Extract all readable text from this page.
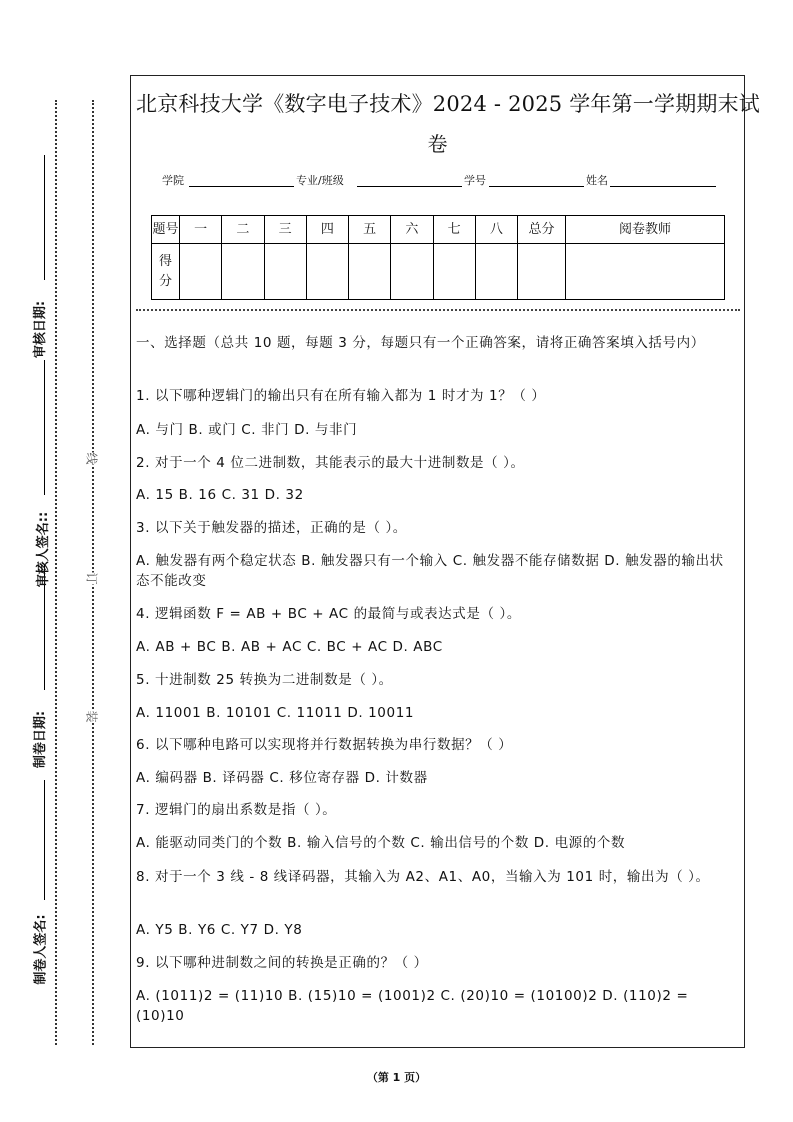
审核日期:
审核人签名::
制卷日期:
制卷人签名:
线
订
装
北京科技大学《数字电子技术》2024 - 2025 学年第一学期期末试
卷
学院	专业/班级	学号	姓名
题号	一	二	三	四	五	六	七	八	总分	阅卷教师
得分										
一、选择题（总共 10 题，每题 3 分，每题只有一个正确答案，请将正确答案填入括号内）
1. 以下哪种逻辑门的输出只有在所有输入都为 1 时才为 1？（ ）
A. 与门 B. 或门 C. 非门 D. 与非门
2. 对于一个 4 位二进制数，其能表示的最大十进制数是（ ）。
A. 15 B. 16 C. 31 D. 32
3. 以下关于触发器的描述，正确的是（ ）。
A. 触发器有两个稳定状态 B. 触发器只有一个输入 C. 触发器不能存储数据 D. 触发器的输出状态不能改变
4. 逻辑函数 F = AB + BC + AC 的最简与或表达式是（ ）。
A. AB + BC B. AB + AC C. BC + AC D. ABC
5. 十进制数 25 转换为二进制数是（ ）。
A. 11001 B. 10101 C. 11011 D. 10011
6. 以下哪种电路可以实现将并行数据转换为串行数据？（ ）
A. 编码器 B. 译码器 C. 移位寄存器 D. 计数器
7. 逻辑门的扇出系数是指（ ）。
A. 能驱动同类门的个数 B. 输入信号的个数 C. 输出信号的个数 D. 电源的个数
8. 对于一个 3 线 - 8 线译码器，其输入为 A2、A1、A0，当输入为 101 时，输出为（ ）。
A. Y5 B. Y6 C. Y7 D. Y8
9. 以下哪种进制数之间的转换是正确的？（ ）
A. (1011)2 = (11)10 B. (15)10 = (1001)2 C. (20)10 = (10100)2 D. (110)2 = (10)10
（第 1 页）
